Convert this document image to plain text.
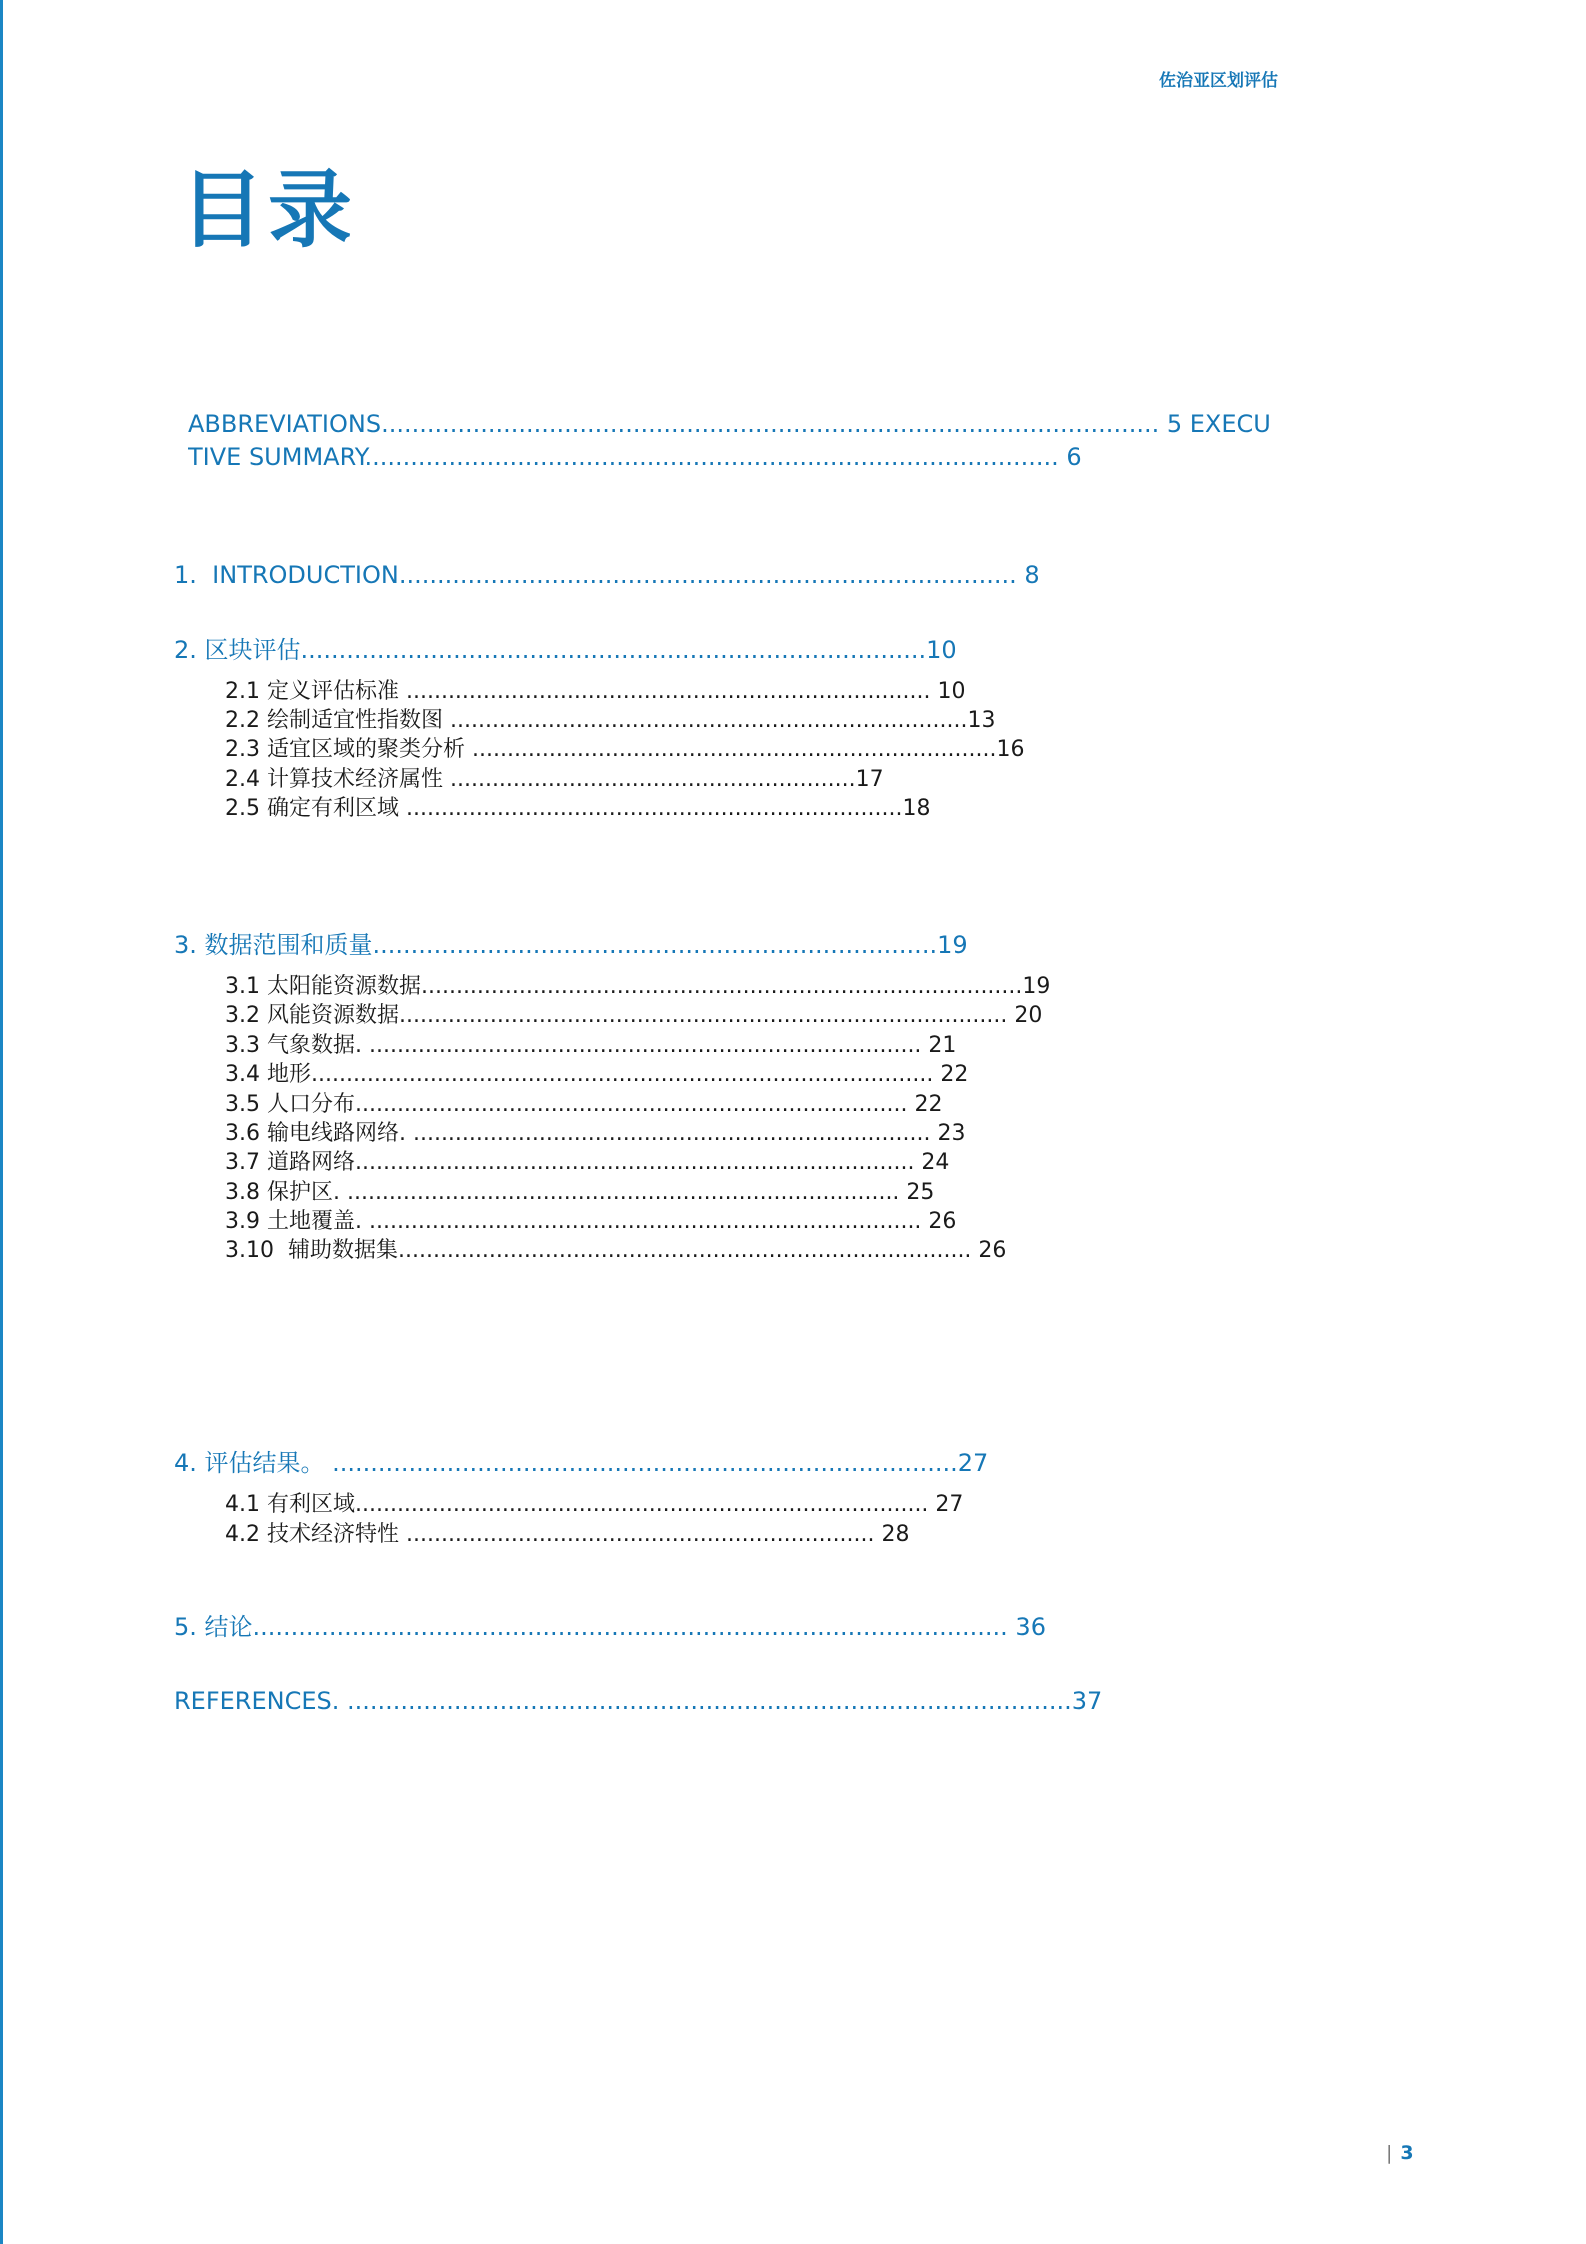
佐治亚区划评估
目录
ABBREVIATIONS...................................................................................................... 5 EXECU
TIVE SUMMARY........................................................................................... 6
1.  INTRODUCTION................................................................................. 8
2. 区块评估..................................................................................10
2.1 定义评估标准 ........................................................................... 10
2.2 绘制适宜性指数图 ..........................................................................13
2.3 适宜区域的聚类分析 ...........................................................................16
2.4 计算技术经济属性 ..........................................................17
2.5 确定有利区域 .......................................................................18
3. 数据范围和质量..........................................................................19
3.1 太阳能资源数据......................................................................................19
3.2 风能资源数据....................................................................................... 20
3.3 气象数据. ............................................................................... 21
3.4 地形......................................................................................... 22
3.5 人口分布............................................................................... 22
3.6 输电线路网络. .......................................................................... 23
3.7 道路网络................................................................................ 24
3.8 保护区. ............................................................................... 25
3.9 土地覆盖. ............................................................................... 26
3.10  辅助数据集.................................................................................. 26
4. 评估结果。 ..................................................................................27
4.1 有利区域.................................................................................. 27
4.2 技术经济特性 ................................................................... 28
5. 结论................................................................................................... 36
REFERENCES. ...............................................................................................37
| 3
